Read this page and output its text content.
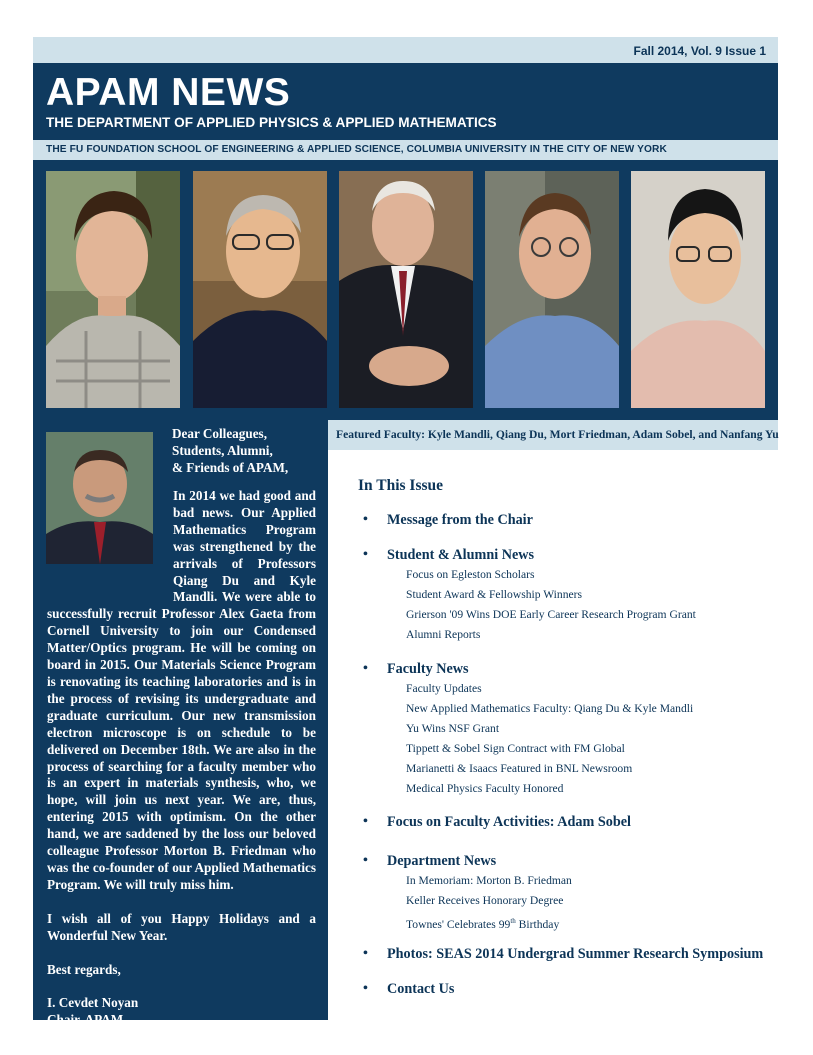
Fall 2014, Vol. 9 Issue 1
APAM NEWS
THE DEPARTMENT OF APPLIED PHYSICS & APPLIED MATHEMATICS
THE FU FOUNDATION SCHOOL OF ENGINEERING & APPLIED SCIENCE, COLUMBIA UNIVERSITY IN THE CITY OF NEW YORK
Featured Faculty: Kyle Mandli, Qiang Du, Mort Friedman, Adam Sobel, and Nanfang Yu

Dear Colleagues,

Students, Alumni,

& Friends of APAM,

In 2014 we had good and bad news. Our Applied Mathematics Program was strengthened by the arrivals of Professors Qiang Du and Kyle Mandli. We were able to successfully recruit Professor Alex Gaeta from Cornell University to join our Condensed Matter/Optics program. He will be coming on board in 2015. Our Materials Science Program is renovating its teaching laboratories and is in the process of revising its undergraduate and graduate curriculum. Our new transmission electron microscope is on schedule to be delivered on December 18th. We are also in the process of searching for a faculty member who is an expert in materials synthesis, who, we hope, will join us next year. We are, thus, entering 2015 with optimism. On the other hand, we are saddened by the loss our beloved colleague Professor Morton B. Friedman who was the co-founder of our Applied Mathematics Program. We will truly miss him.

I wish all of you Happy Holidays and a Wonderful New Year.

Best regards,

I. Cevdet Noyan

Chair, APAM

In This Issue
• Message from the Chair
• Student & Alumni News
Focus on Egleston Scholars
Student Award & Fellowship Winners
Grierson '09 Wins DOE Early Career Research Program Grant
Alumni Reports
• Faculty News
Faculty Updates
New Applied Mathematics Faculty: Qiang Du & Kyle Mandli
Yu Wins NSF Grant
Tippett & Sobel Sign Contract with FM Global
Marianetti & Isaacs Featured in BNL Newsroom
Medical Physics Faculty Honored
• Focus on Faculty Activities: Adam Sobel
• Department News
In Memoriam: Morton B. Friedman
Keller Receives Honorary Degree
Townes' Celebrates 99th Birthday
• Photos: SEAS 2014 Undergrad Summer Research Symposium
• Contact Us
